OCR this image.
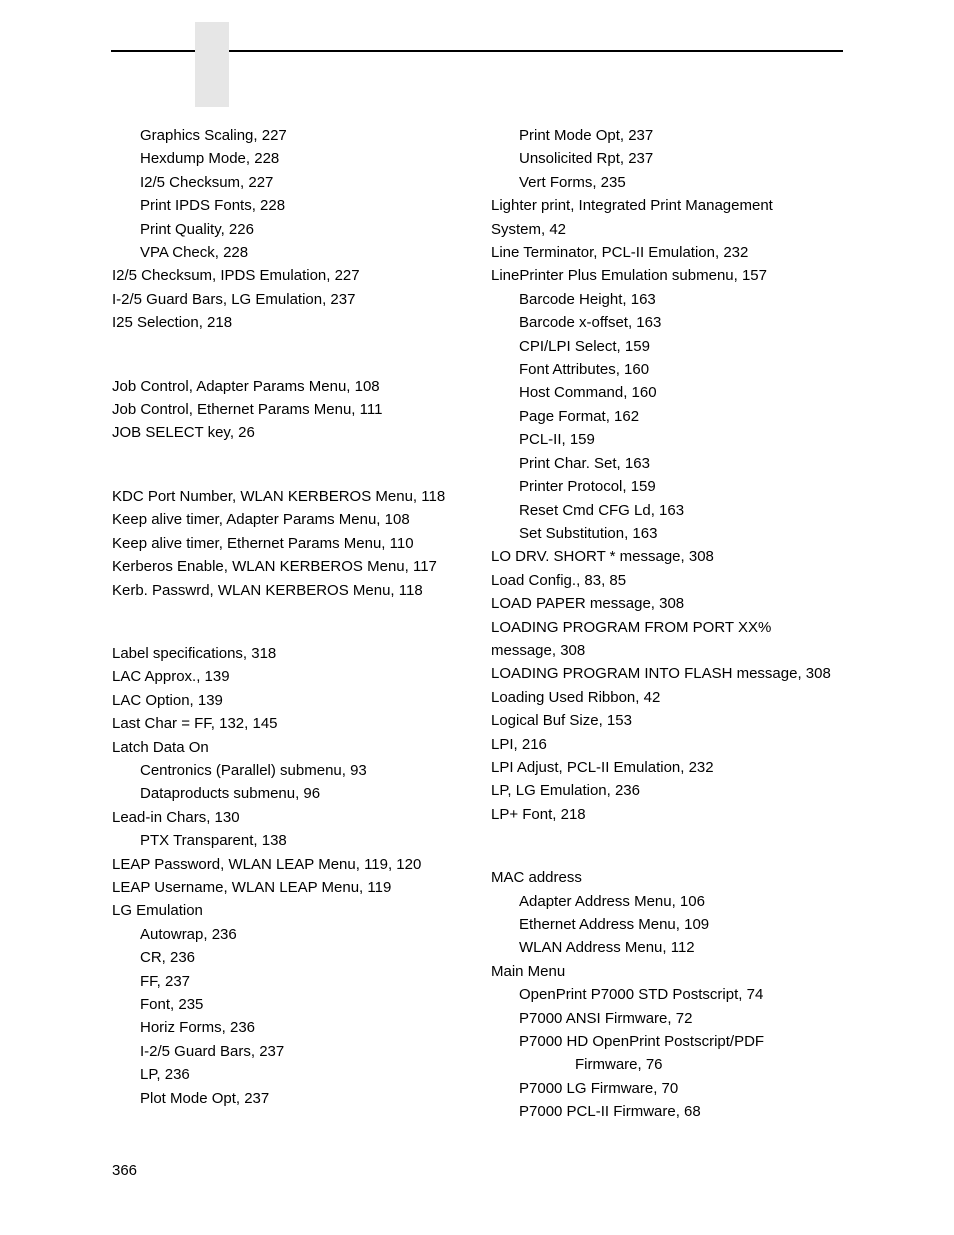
Graphics Scaling, 227
Hexdump Mode, 228
I2/5 Checksum, 227
Print IPDS Fonts, 228
Print Quality, 226
VPA Check, 228
I2/5 Checksum, IPDS Emulation, 227
I-2/5 Guard Bars, LG Emulation, 237
I25 Selection, 218
Job Control, Adapter Params Menu, 108
Job Control, Ethernet Params Menu, 111
JOB SELECT key, 26
KDC Port Number, WLAN KERBEROS Menu, 118
Keep alive timer, Adapter Params Menu, 108
Keep alive timer, Ethernet Params Menu, 110
Kerberos Enable, WLAN KERBEROS Menu, 117
Kerb. Passwrd, WLAN KERBEROS Menu, 118
Label specifications, 318
LAC Approx., 139
LAC Option, 139
Last Char = FF, 132, 145
Latch Data On
Centronics (Parallel) submenu, 93
Dataproducts submenu, 96
Lead-in Chars, 130
PTX Transparent, 138
LEAP Password, WLAN LEAP Menu, 119, 120
LEAP Username, WLAN LEAP Menu, 119
LG Emulation
Autowrap, 236
CR, 236
FF, 237
Font, 235
Horiz Forms, 236
I-2/5 Guard Bars, 237
LP, 236
Plot Mode Opt, 237
Print Mode Opt, 237
Unsolicited Rpt, 237
Vert Forms, 235
Lighter print, Integrated Print Management
System, 42
Line Terminator, PCL-II Emulation, 232
LinePrinter Plus Emulation submenu, 157
Barcode Height, 163
Barcode x-offset, 163
CPI/LPI Select, 159
Font Attributes, 160
Host Command, 160
Page Format, 162
PCL-II, 159
Print Char. Set, 163
Printer Protocol, 159
Reset Cmd CFG Ld, 163
Set Substitution, 163
LO DRV. SHORT * message, 308
Load Config., 83, 85
LOAD PAPER message, 308
LOADING PROGRAM FROM PORT XX%
message, 308
LOADING PROGRAM INTO FLASH message, 308
Loading Used Ribbon, 42
Logical Buf Size, 153
LPI, 216
LPI Adjust, PCL-II Emulation, 232
LP, LG Emulation, 236
LP+ Font, 218
MAC address
Adapter Address Menu, 106
Ethernet Address Menu, 109
WLAN Address Menu, 112
Main Menu
OpenPrint P7000 STD Postscript, 74
P7000 ANSI Firmware, 72
P7000 HD OpenPrint Postscript/PDF
Firmware, 76
P7000 LG Firmware, 70
P7000 PCL-II Firmware, 68
366
